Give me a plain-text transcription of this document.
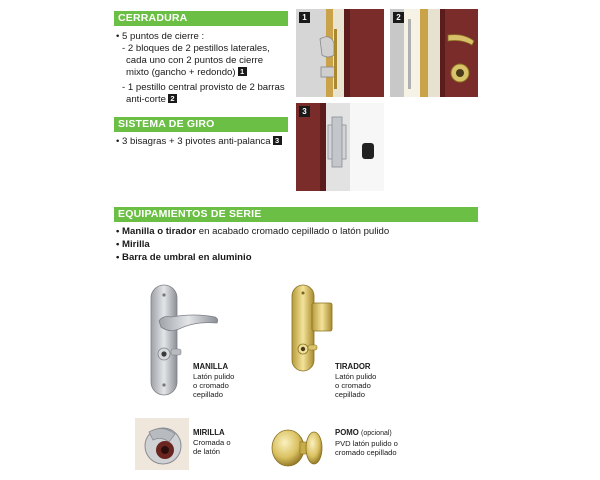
CERRADURA
• 5 puntos de cierre :
- 2 bloques de 2 pestillos laterales,
cada uno con 2 puntos de cierre
mixto (gancho + redondo) 1
- 1 pestillo central provisto de 2 barras
anti-corte 2
SISTEMA DE GIRO
• 3 bisagras + 3 pivotes anti-palanca 3
1	2
3
EQUIPAMIENTOS DE SERIE
• Manilla o tirador en acabado cromado cepillado o latón pulido
• Mirilla
• Barra de umbral en aluminio
MANILLA
Latón pulido
o cromado
cepillado
TIRADOR
Latón pulido
o cromado
cepillado
MIRILLA
Cromada o
de latón
POMO (opcional)
PVD latón pulido o
cromado cepillado
